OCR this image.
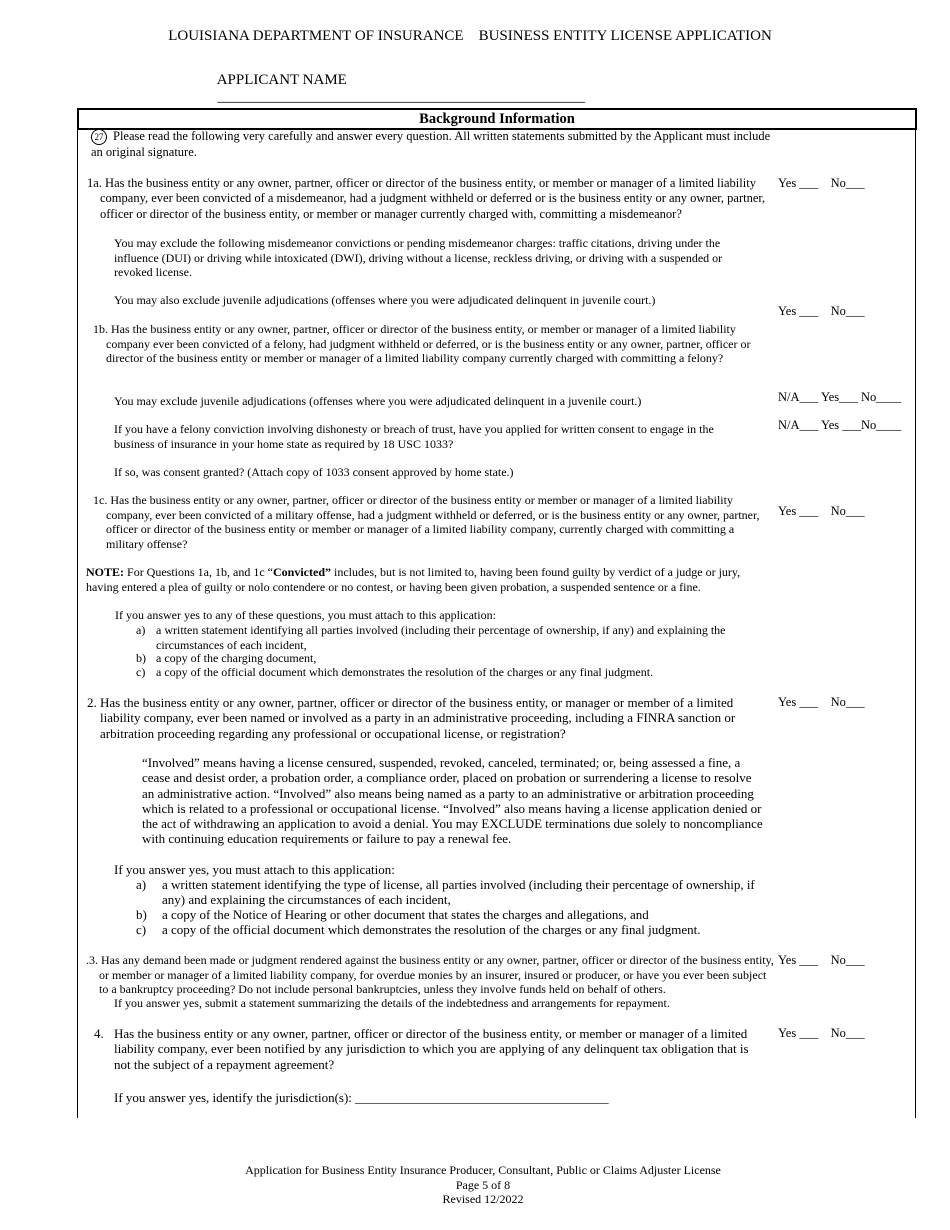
LOUISIANA DEPARTMENT OF INSURANCE    BUSINESS ENTITY LICENSE APPLICATION

APPLICANT NAME
_________________________________________________

Background Information
27 Please read the following very carefully and answer every question. All written statements submitted by the Applicant must include an original signature.
1a. Has the business entity or any owner, partner, officer or director of the business entity, or member or manager of a limited liability company, ever been convicted of a misdemeanor, had a judgment withheld or deferred or is the business entity or any owner, partner, officer or director of the business entity, or member or manager currently charged with, committing a misdemeanor?
Yes ___    No___
You may exclude the following misdemeanor convictions or pending misdemeanor charges: traffic citations, driving under the influence (DUI) or driving while intoxicated (DWI), driving without a license, reckless driving, or driving with a suspended or revoked license.
You may also exclude juvenile adjudications (offenses where you were adjudicated delinquent in juvenile court.)
Yes ___    No___
1b. Has the business entity or any owner, partner, officer or director of the business entity, or member or manager of a limited liability company ever been convicted of a felony, had judgment withheld or deferred, or is the business entity or any owner, partner, officer or director of the business entity or member or manager of a limited liability company currently charged with committing a felony?
You may exclude juvenile adjudications (offenses where you were adjudicated delinquent in a juvenile court.)	N/A___ Yes___ No____
If you have a felony conviction involving dishonesty or breach of trust, have you applied for written consent to engage in the business of insurance in your home state as required by 18 USC 1033?
N/A___ Yes ___No____
If so, was consent granted? (Attach copy of 1033 consent approved by home state.)
1c. Has the business entity or any owner, partner, officer or director of the business entity or member or manager of a limited liability company, ever been convicted of a military offense, had a judgment withheld or deferred, or is the business entity or any owner, partner, officer or director of the business entity or member or manager of a limited liability company, currently charged with committing a military offense?
Yes ___    No___
NOTE: For Questions 1a, 1b, and 1c “Convicted” includes, but is not limited to, having been found guilty by verdict of a judge or jury, having entered a plea of guilty or nolo contendere or no contest, or having been given probation, a suspended sentence or a fine.
If you answer yes to any of these questions, you must attach to this application:
a) a written statement identifying all parties involved (including their percentage of ownership, if any) and explaining the circumstances of each incident,
b) a copy of the charging document,
c) a copy of the official document which demonstrates the resolution of the charges or any final judgment.
2. Has the business entity or any owner, partner, officer or director of the business entity, or manager or member of a limited liability company, ever been named or involved as a party in an administrative proceeding, including a FINRA sanction or arbitration proceeding regarding any professional or occupational license, or registration?
Yes ___    No___
“Involved” means having a license censured, suspended, revoked, canceled, terminated; or, being assessed a fine, a cease and desist order, a probation order, a compliance order, placed on probation or surrendering a license to resolve an administrative action. “Involved” also means being named as a party to an administrative or arbitration proceeding which is related to a professional or occupational license. “Involved” also means having a license application denied or the act of withdrawing an application to avoid a denial. You may EXCLUDE terminations due solely to noncompliance with continuing education requirements or failure to pay a renewal fee.
If you answer yes, you must attach to this application:
a) a written statement identifying the type of license, all parties involved (including their percentage of ownership, if any) and explaining the circumstances of each incident,
b) a copy of the Notice of Hearing or other document that states the charges and allegations, and
c) a copy of the official document which demonstrates the resolution of the charges or any final judgment.
.3. Has any demand been made or judgment rendered against the business entity or any owner, partner, officer or director of the business entity, or member or manager of a limited liability company, for overdue monies by an insurer, insured or producer, or have you ever been subject to a bankruptcy proceeding? Do not include personal bankruptcies, unless they involve funds held on behalf of others.
Yes ___    No___
If you answer yes, submit a statement summarizing the details of the indebtedness and arrangements for repayment.
4. Has the business entity or any owner, partner, officer or director of the business entity, or member or manager of a limited liability company, ever been notified by any jurisdiction to which you are applying of any delinquent tax obligation that is not the subject of a repayment agreement?
Yes ___    No___
If you answer yes, identify the jurisdiction(s): _______________________________________
Application for Business Entity Insurance Producer, Consultant, Public or Claims Adjuster License
Page 5 of 8
Revised 12/2022
